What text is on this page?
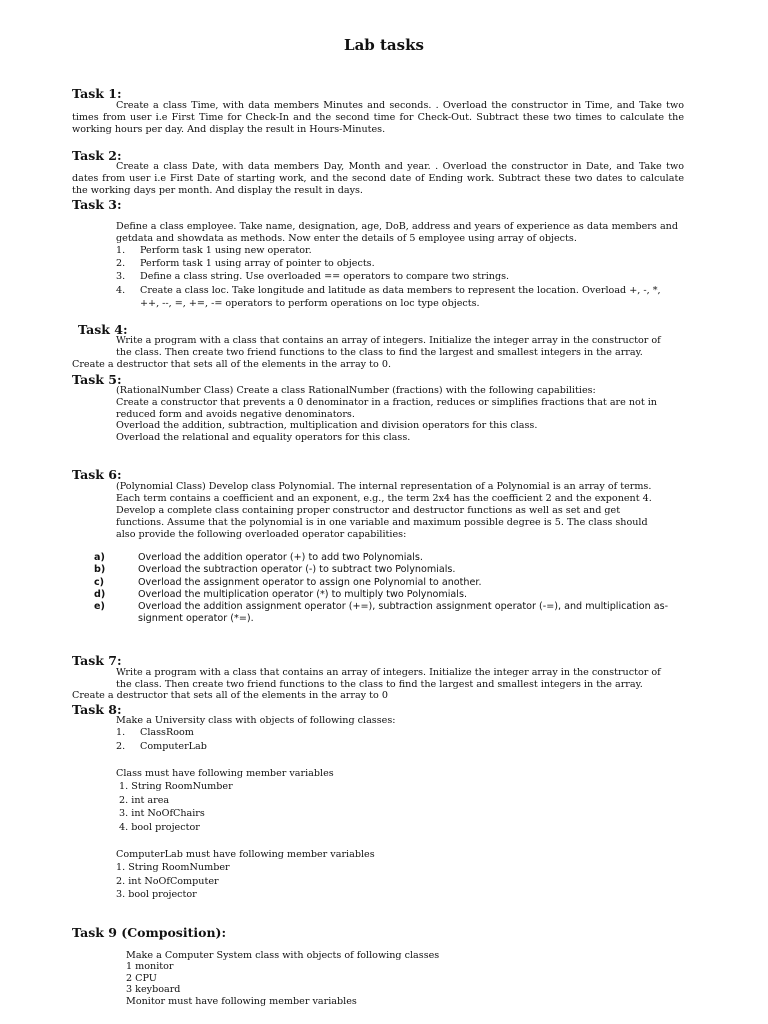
Lab tasks
Task 1:
Create a class Time, with data members Minutes and seconds. . Overload the constructor in Time, and Take two times from user i.e First Time for Check-In and the second time for Check-Out. Subtract these two times to calculate the working hours per day. And display the result in Hours-Minutes.
Task 2:
Create a class Date, with data members Day, Month and year. . Overload the constructor in Date, and Take two dates from user i.e First Date of starting work, and the second date of Ending work. Subtract these two dates to calculate the working days per month. And display the result in days.
Task 3:
Define a class employee. Take name, designation, age, DoB, address and years of experience as data members and getdata and showdata as methods. Now enter the details of 5 employee using array of objects.
1. Perform task 1 using new operator.
2. Perform task 1 using array of pointer to objects.
3. Define a class string. Use overloaded == operators to compare two strings.
4. Create a class loc. Take longitude and latitude as data members to represent the location. Overload +, -, *,
++, --, =, +=, -= operators to perform operations on loc type objects.
Task 4:
Write a program with a class that contains an array of integers. Initialize the integer array in the constructor of
the class. Then create two friend functions to the class to find the largest and smallest integers in the array.
Create a destructor that sets all of the elements in the array to 0.
Task 5:
(RationalNumber Class) Create a class RationalNumber (fractions) with the following capabilities:
Create a constructor that prevents a 0 denominator in a fraction, reduces or simplifies fractions that are not in
reduced form and avoids negative denominators.
Overload the addition, subtraction, multiplication and division operators for this class.
Overload the relational and equality operators for this class.
Task 6:
(Polynomial Class) Develop class Polynomial. The internal representation of a Polynomial is an array of terms.
Each term contains a coefficient and an exponent, e.g., the term 2x4 has the coefficient 2 and the exponent 4.
Develop a complete class containing proper constructor and destructor functions as well as set and get
functions. Assume that the polynomial is in one variable and maximum possible degree is 5. The class should
also provide the following overloaded operator capabilities:
a)	Overload the addition operator (+) to add two Polynomials.
b)	Overload the subtraction operator (-) to subtract two Polynomials.
c)	Overload the assignment operator to assign one Polynomial to another.
d)	Overload the multiplication operator (*) to multiply two Polynomials.
e)	Overload the addition assignment operator (+=), subtraction assignment operator (-=), and multiplication as-
signment operator (*=).
Task 7:
Write a program with a class that contains an array of integers. Initialize the integer array in the constructor of
the class. Then create two friend functions to the class to find the largest and smallest integers in the array.
Create a destructor that sets all of the elements in the array to 0
Task 8:
Make a University class with objects of following classes:
1. ClassRoom
2. ComputerLab
Class must have following member variables
1. String RoomNumber
2. int area
3. int NoOfChairs
4. bool projector
ComputerLab must have following member variables
1. String RoomNumber
2. int NoOfComputer
3. bool projector
Task 9 (Composition):
Make a Computer System class with objects of following classes
1 monitor
2 CPU
3 keyboard
Monitor must have following member variables
